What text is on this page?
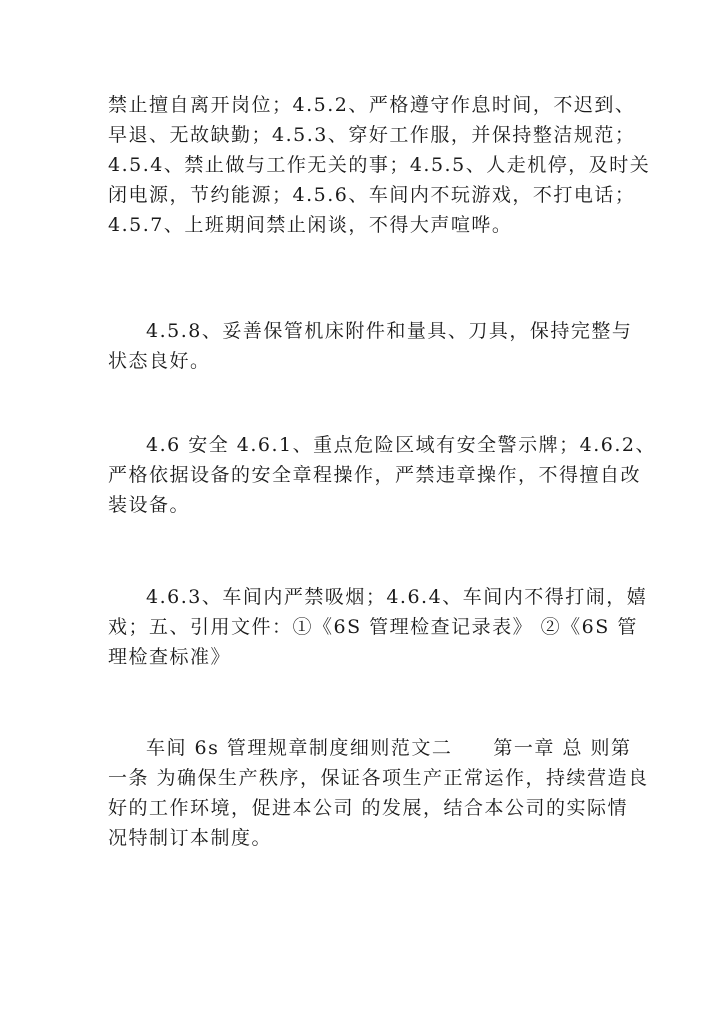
禁止擅自离开岗位；4.5.2、严格遵守作息时间，不迟到、
早退、无故缺勤；4.5.3、穿好工作服，并保持整洁规范；
4.5.4、禁止做与工作无关的事；4.5.5、人走机停，及时关
闭电源，节约能源；4.5.6、车间内不玩游戏，不打电话；
4.5.7、上班期间禁止闲谈，不得大声喧哗。

4.5.8、妥善保管机床附件和量具、刀具，保持完整与
状态良好。

4.6 安全 4.6.1、重点危险区域有安全警示牌；4.6.2、
严格依据设备的安全章程操作，严禁违章操作，不得擅自改
装设备。

4.6.3、车间内严禁吸烟；4.6.4、车间内不得打闹，嬉
戏；五、引用文件：①《6S 管理检查记录表》 ②《6S 管
理检查标准》

车间 6s 管理规章制度细则范文二　　第一章 总 则第
一条 为确保生产秩序，保证各项生产正常运作，持续营造良
好的工作环境，促进本公司 的发展，结合本公司的实际情
况特制订本制度。
